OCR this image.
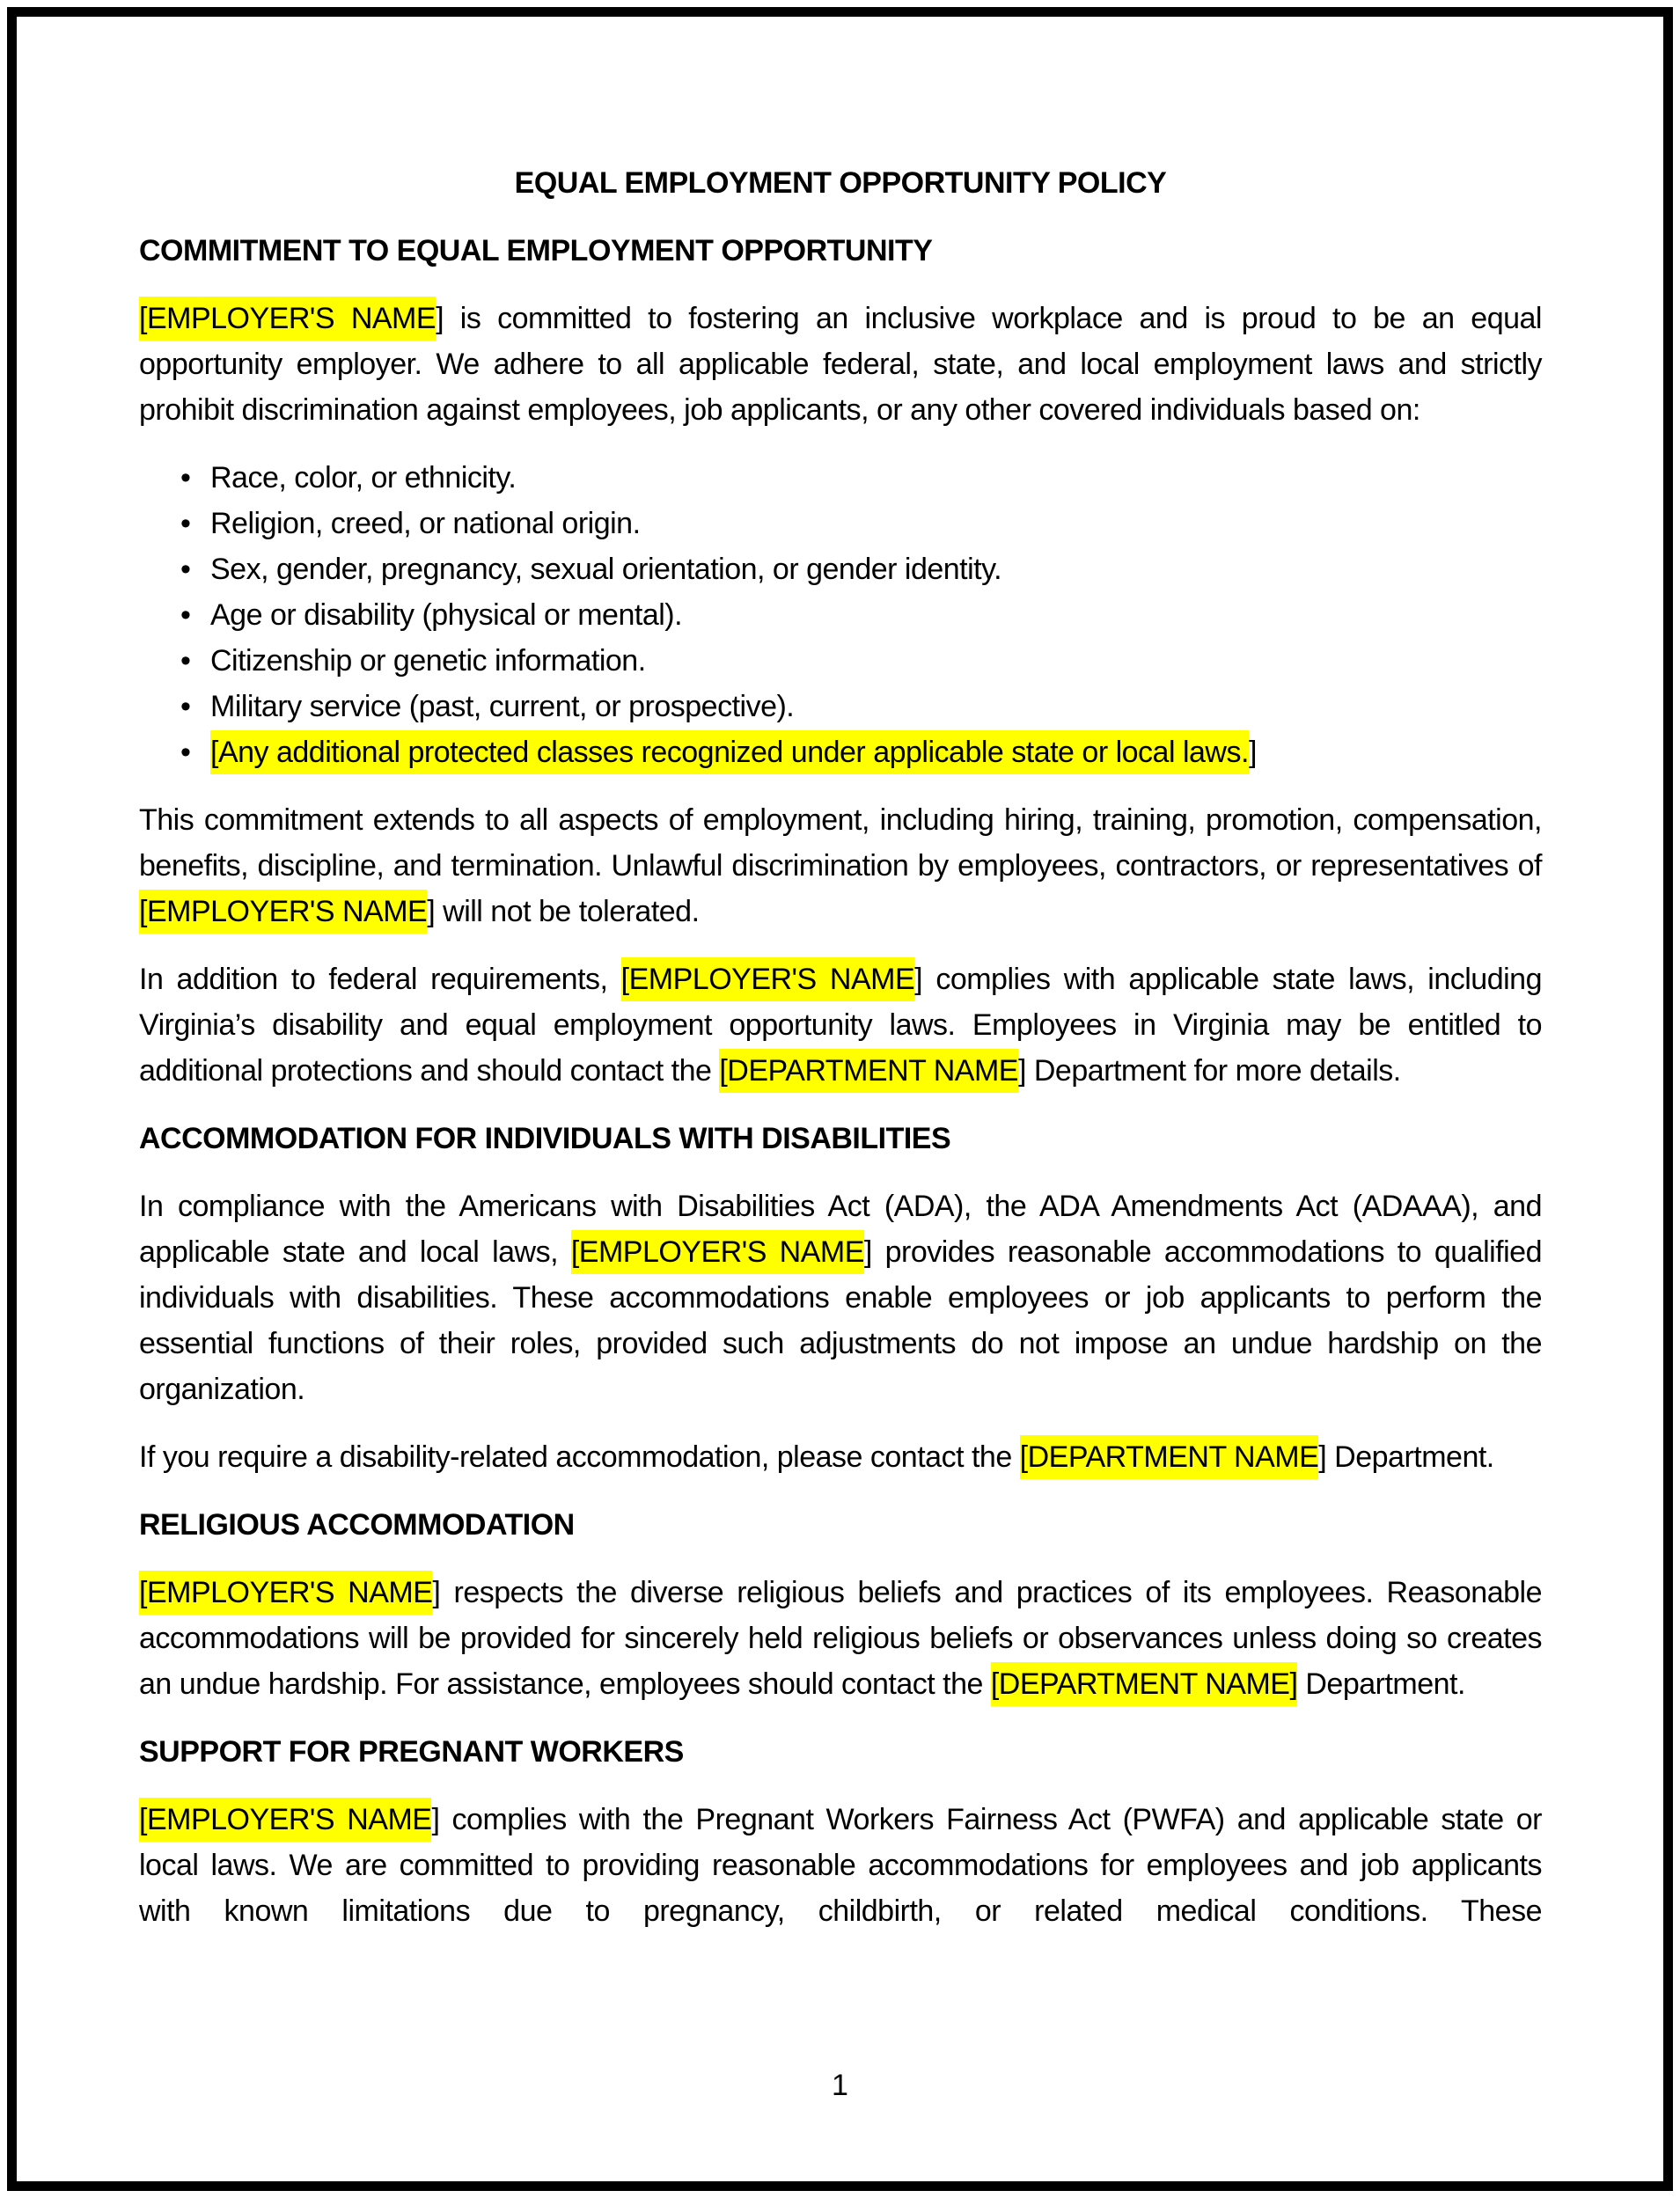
EQUAL EMPLOYMENT OPPORTUNITY POLICY

COMMITMENT TO EQUAL EMPLOYMENT OPPORTUNITY

[EMPLOYER'S NAME] is committed to fostering an inclusive workplace and is proud to be an equal opportunity employer. We adhere to all applicable federal, state, and local employment laws and strictly prohibit discrimination against employees, job applicants, or any other covered individuals based on:

• Race, color, or ethnicity.
• Religion, creed, or national origin.
• Sex, gender, pregnancy, sexual orientation, or gender identity.
• Age or disability (physical or mental).
• Citizenship or genetic information.
• Military service (past, current, or prospective).
• [Any additional protected classes recognized under applicable state or local laws.]

This commitment extends to all aspects of employment, including hiring, training, promotion, compensation, benefits, discipline, and termination. Unlawful discrimination by employees, contractors, or representatives of [EMPLOYER'S NAME] will not be tolerated.

In addition to federal requirements, [EMPLOYER'S NAME] complies with applicable state laws, including Virginia’s disability and equal employment opportunity laws. Employees in Virginia may be entitled to additional protections and should contact the [DEPARTMENT NAME] Department for more details.

ACCOMMODATION FOR INDIVIDUALS WITH DISABILITIES

In compliance with the Americans with Disabilities Act (ADA), the ADA Amendments Act (ADAAA), and applicable state and local laws, [EMPLOYER'S NAME] provides reasonable accommodations to qualified individuals with disabilities. These accommodations enable employees or job applicants to perform the essential functions of their roles, provided such adjustments do not impose an undue hardship on the organization.

If you require a disability-related accommodation, please contact the [DEPARTMENT NAME] Department.

RELIGIOUS ACCOMMODATION

[EMPLOYER'S NAME] respects the diverse religious beliefs and practices of its employees. Reasonable accommodations will be provided for sincerely held religious beliefs or observances unless doing so creates an undue hardship. For assistance, employees should contact the [DEPARTMENT NAME] Department.

SUPPORT FOR PREGNANT WORKERS

[EMPLOYER'S NAME] complies with the Pregnant Workers Fairness Act (PWFA) and applicable state or local laws. We are committed to providing reasonable accommodations for employees and job applicants with known limitations due to pregnancy, childbirth, or related medical conditions. These

1
